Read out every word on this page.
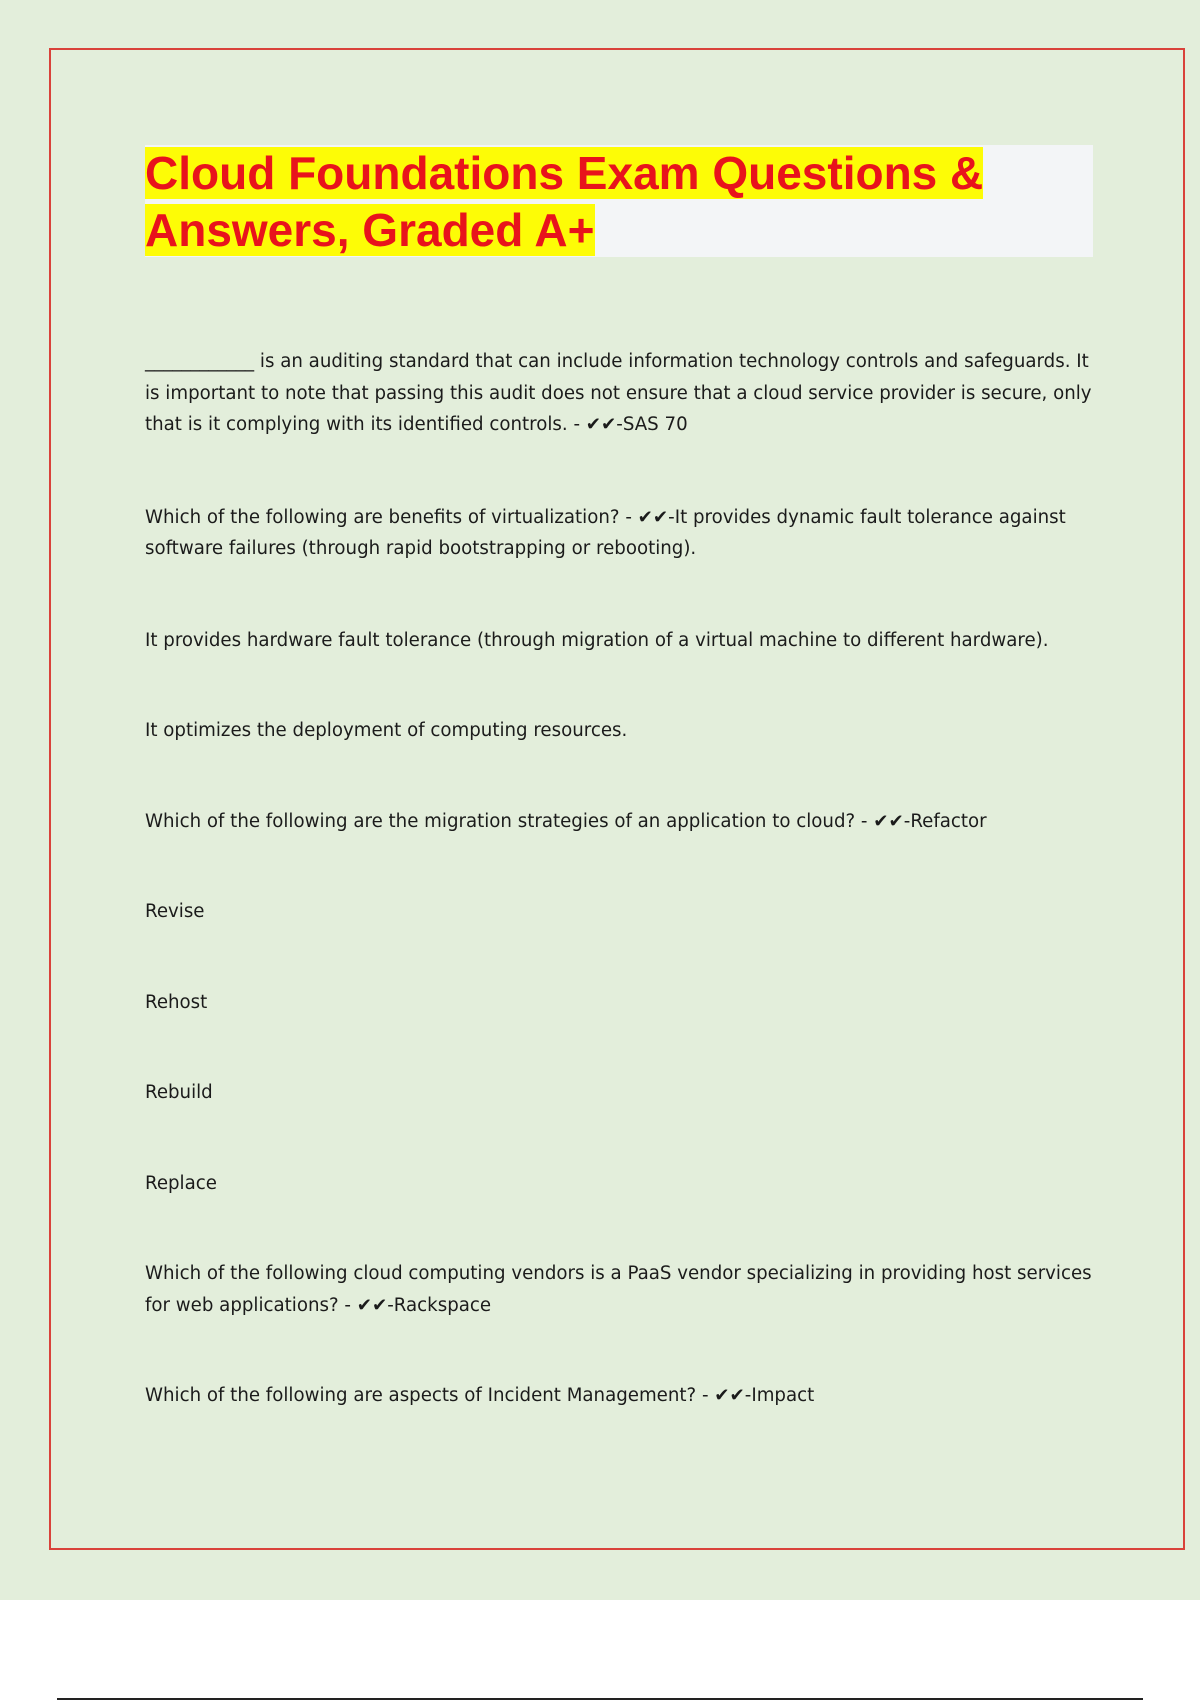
Cloud Foundations Exam Questions &
Answers, Graded A+

____________ is an auditing standard that can include information technology controls and safeguards. It is important to note that passing this audit does not ensure that a cloud service provider is secure, only that is it complying with its identified controls. - ✔✔-SAS 70

Which of the following are benefits of virtualization? - ✔✔-It provides dynamic fault tolerance against software failures (through rapid bootstrapping or rebooting).

It provides hardware fault tolerance (through migration of a virtual machine to different hardware).

It optimizes the deployment of computing resources.

Which of the following are the migration strategies of an application to cloud? - ✔✔-Refactor

Revise

Rehost

Rebuild

Replace

Which of the following cloud computing vendors is a PaaS vendor specializing in providing host services for web applications? - ✔✔-Rackspace

Which of the following are aspects of Incident Management? - ✔✔-Impact
